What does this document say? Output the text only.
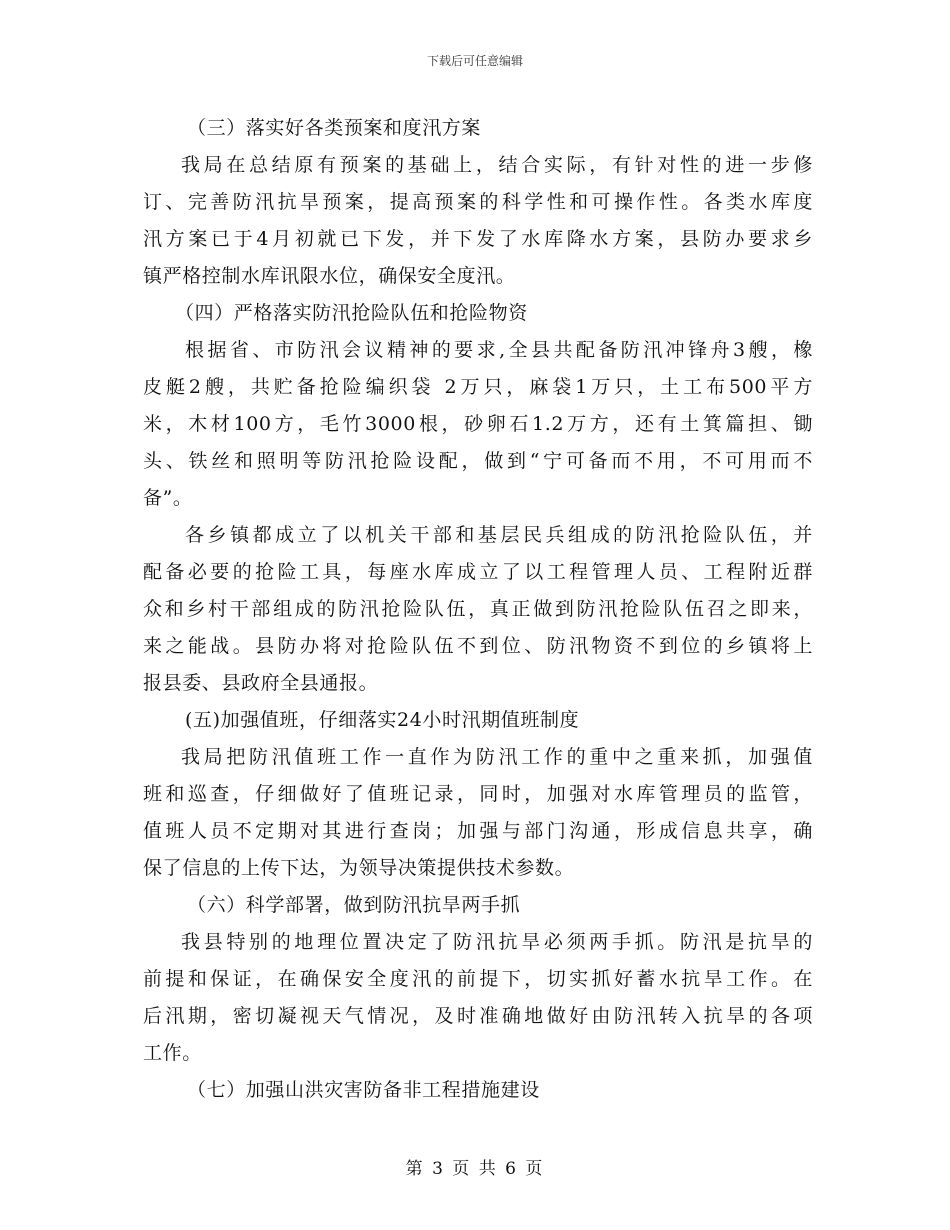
下载后可任意编辑
（三）落实好各类预案和度汛方案
我局在总结原有预案的基础上，结合实际，有针对性的进一步修
订、完善防汛抗旱预案，提高预案的科学性和可操作性。各类水库度
汛方案已于4月初就已下发，并下发了水库降水方案，县防办要求乡
镇严格控制水库讯限水位，确保安全度汛。
（四）严格落实防汛抢险队伍和抢险物资
根据省、市防汛会议精神的要求,全县共配备防汛冲锋舟3艘，橡
皮艇2艘，共贮备抢险编织袋 2万只，麻袋1万只，土工布500平方
米，木材100方，毛竹3000根，砂卵石1.2万方，还有土箕篇担、锄
头、铁丝和照明等防汛抢险设配，做到“宁可备而不用，不可用而不
备”。
各乡镇都成立了以机关干部和基层民兵组成的防汛抢险队伍，并
配备必要的抢险工具，每座水库成立了以工程管理人员、工程附近群
众和乡村干部组成的防汛抢险队伍，真正做到防汛抢险队伍召之即来，
来之能战。县防办将对抢险队伍不到位、防汛物资不到位的乡镇将上
报县委、县政府全县通报。
(五)加强值班，仔细落实24小时汛期值班制度
我局把防汛值班工作一直作为防汛工作的重中之重来抓，加强值
班和巡查，仔细做好了值班记录，同时，加强对水库管理员的监管，
值班人员不定期对其进行查岗；加强与部门沟通，形成信息共享，确
保了信息的上传下达，为领导决策提供技术参数。
（六）科学部署，做到防汛抗旱两手抓
我县特别的地理位置决定了防汛抗旱必须两手抓。防汛是抗旱的
前提和保证，在确保安全度汛的前提下，切实抓好蓄水抗旱工作。在
后汛期，密切凝视天气情况，及时准确地做好由防汛转入抗旱的各项
工作。
（七）加强山洪灾害防备非工程措施建设
第 3 页 共 6 页
